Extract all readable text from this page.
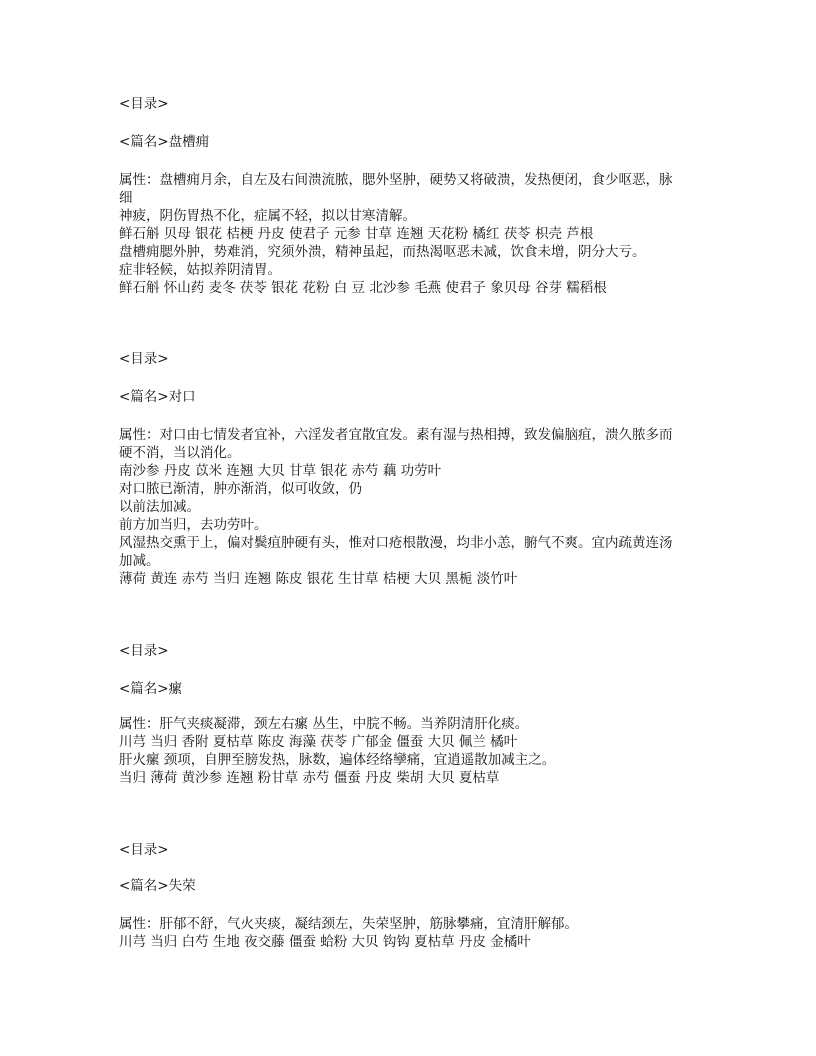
<目录>
<篇名>盘槽痈
属性：盘槽痈月余，自左及右间溃流脓，腮外坚肿，硬势又将破溃，发热便闭，食少呕恶，脉
细
神疲，阴伤胃热不化，症属不轻，拟以甘寒清解。
鲜石斛 贝母 银花 桔梗 丹皮 使君子 元参 甘草 连翘 天花粉 橘红 茯苓 枳壳 芦根
盘槽痈腮外肿，势难消，究须外溃，精神虽起，而热渴呕恶未减，饮食未增，阴分大亏。
症非轻候，姑拟养阴清胃。
鲜石斛 怀山药 麦冬 茯苓 银花 花粉 白 豆 北沙参 毛燕 使君子 象贝母 谷芽 糯稻根
<目录>
<篇名>对口
属性：对口由七情发者宜补，六淫发者宜散宜发。素有湿与热相搏，致发偏脑疽，溃久脓多而
硬不消，当以消化。
南沙参 丹皮 苡米 连翘 大贝 甘草 银花 赤芍 藕 功劳叶
对口脓已渐清，肿亦渐消，似可收敛，仍
以前法加减。
前方加当归，去功劳叶。
风湿热交熏于上，偏对鬓疽肿硬有头，惟对口疮根散漫，均非小恙，腑气不爽。宜内疏黄连汤
加减。
薄荷 黄连 赤芍 当归 连翘 陈皮 银花 生甘草 桔梗 大贝 黑栀 淡竹叶
<目录>
<篇名>瘰
属性：肝气夹痰凝滞，颈左右瘰 丛生，中脘不畅。当养阴清肝化痰。
川芎 当归 香附 夏枯草 陈皮 海藻 茯苓 广郁金 僵蚕 大贝 佩兰 橘叶
肝火瘰 颈项，自胛至膀发热，脉数，遍体经络孿痛，宜逍遥散加减主之。
当归 薄荷 黄沙参 连翘 粉甘草 赤芍 僵蚕 丹皮 柴胡 大贝 夏枯草
<目录>
<篇名>失荣
属性：肝郁不舒，气火夹痰，凝结颈左，失荣坚肿，筋脉攀痛，宜清肝解郁。
川芎 当归 白芍 生地 夜交藤 僵蚕 蛤粉 大贝 钩钩 夏枯草 丹皮 金橘叶
